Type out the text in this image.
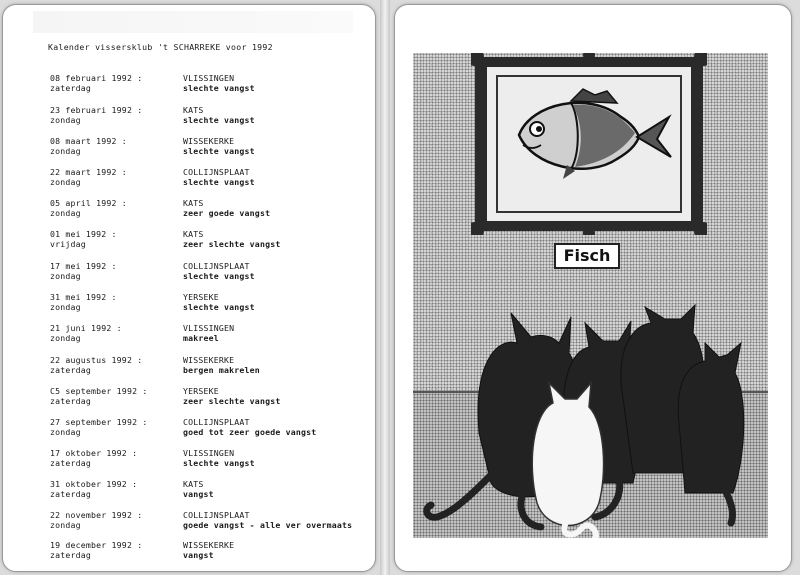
Kalender vissersklub 't SCHARREKE voor 1992
08 februari 1992 :
zaterdag
VLISSINGEN
slechte vangst
23 februari 1992 :
zondag
KATS
slechte vangst
08 maart 1992 :
zondag
WISSEKERKE
slechte vangst
22 maart 1992 :
zondag
COLLIJNSPLAAT
slechte vangst
05 april 1992 :
zondag
KATS
zeer goede vangst
01 mei 1992 :
vrijdag
KATS
zeer slechte vangst
17 mei 1992 :
zondag
COLLIJNSPLAAT
slechte vangst
31 mei 1992 :
zondag
YERSEKE
slechte vangst
21 juni 1992 :
zondag
VLISSINGEN
makreel
22 augustus 1992 :
zaterdag
WISSEKERKE
bergen makrelen
C5 september 1992 :
zaterdag
YERSEKE
zeer slechte vangst
27 september 1992 :
zondag
COLLIJNSPLAAT
goed tot zeer goede vangst
17 oktober 1992 :
zaterdag
VLISSINGEN
slechte vangst
31 oktober 1992 :
zaterdag
KATS
vangst
22 november 1992 :
zondag
COLLIJNSPLAAT
goede vangst - alle ver overmaats
19 december 1992 :
zaterdag
WISSEKERKE
vangst
Fisch
